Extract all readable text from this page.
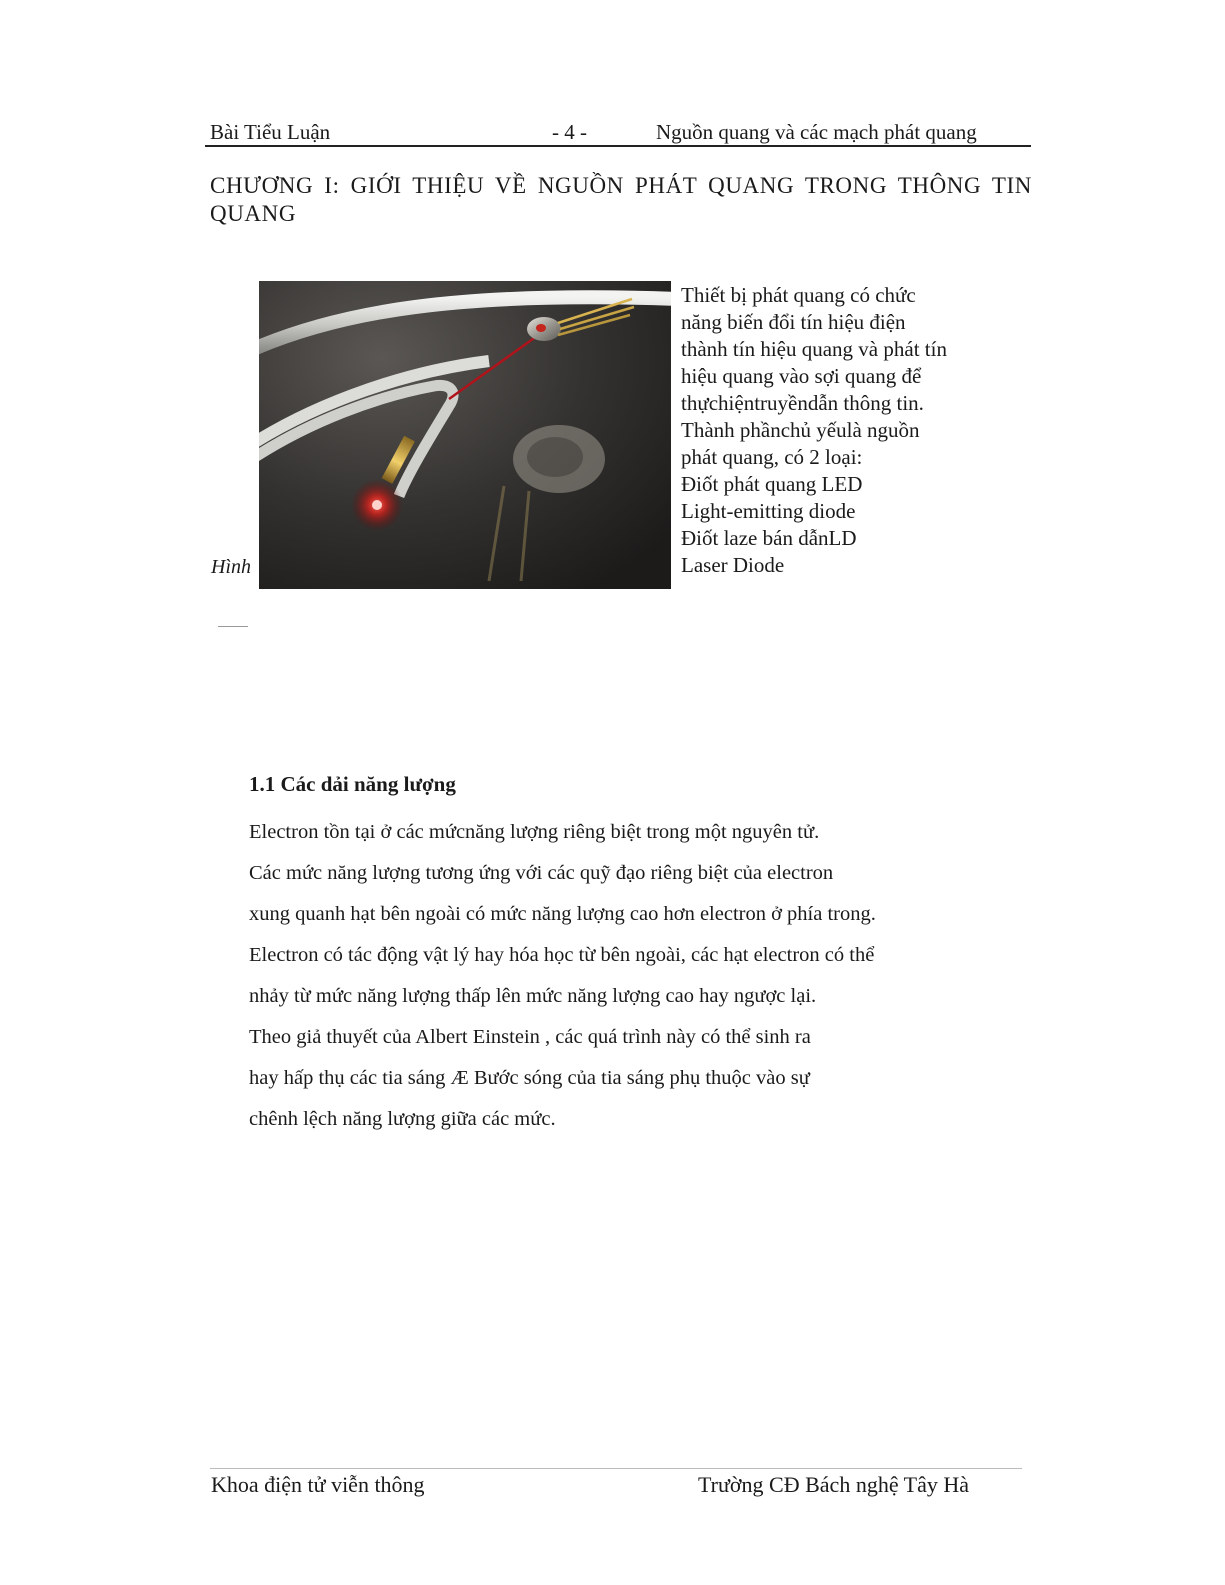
Bài Tiểu Luận	- 4 -	Nguồn quang và các mạch phát quang
CHƯƠNG I: GIỚI THIỆU VỀ NGUỒN PHÁT QUANG TRONG THÔNG TIN QUANG
Hình
Thiết bị phát quang có chức
năng biến đổi tín hiệu điện
thành tín hiệu quang và phát tín
hiệu quang vào sợi quang để
thựchiệntruyềndẫn thông tin.
Thành phầnchủ yếulà nguồn
phát quang, có 2 loại:
Điốt phát quang LED
Light-emitting diode
Điốt laze bán dẫnLD
Laser Diode
1.1 Các dải năng lượng
Electron tồn tại ở các mứcnăng lượng riêng biệt trong một nguyên tử.
Các mức năng lượng tương ứng với các quỹ đạo riêng biệt của electron
xung quanh hạt bên ngoài có mức năng lượng cao hơn electron ở phía trong.
Electron có tác động vật lý hay hóa học từ bên ngoài, các hạt electron có thể
nhảy từ mức năng lượng thấp lên mức năng lượng cao hay ngược lại.
Theo giả thuyết của Albert Einstein , các quá trình này có thể sinh ra
hay hấp thụ các tia sáng Æ Bước sóng của tia sáng phụ thuộc vào sự
chênh lệch năng lượng giữa các mức.
Khoa điện tử viễn thông	Trường CĐ Bách nghệ Tây Hà
